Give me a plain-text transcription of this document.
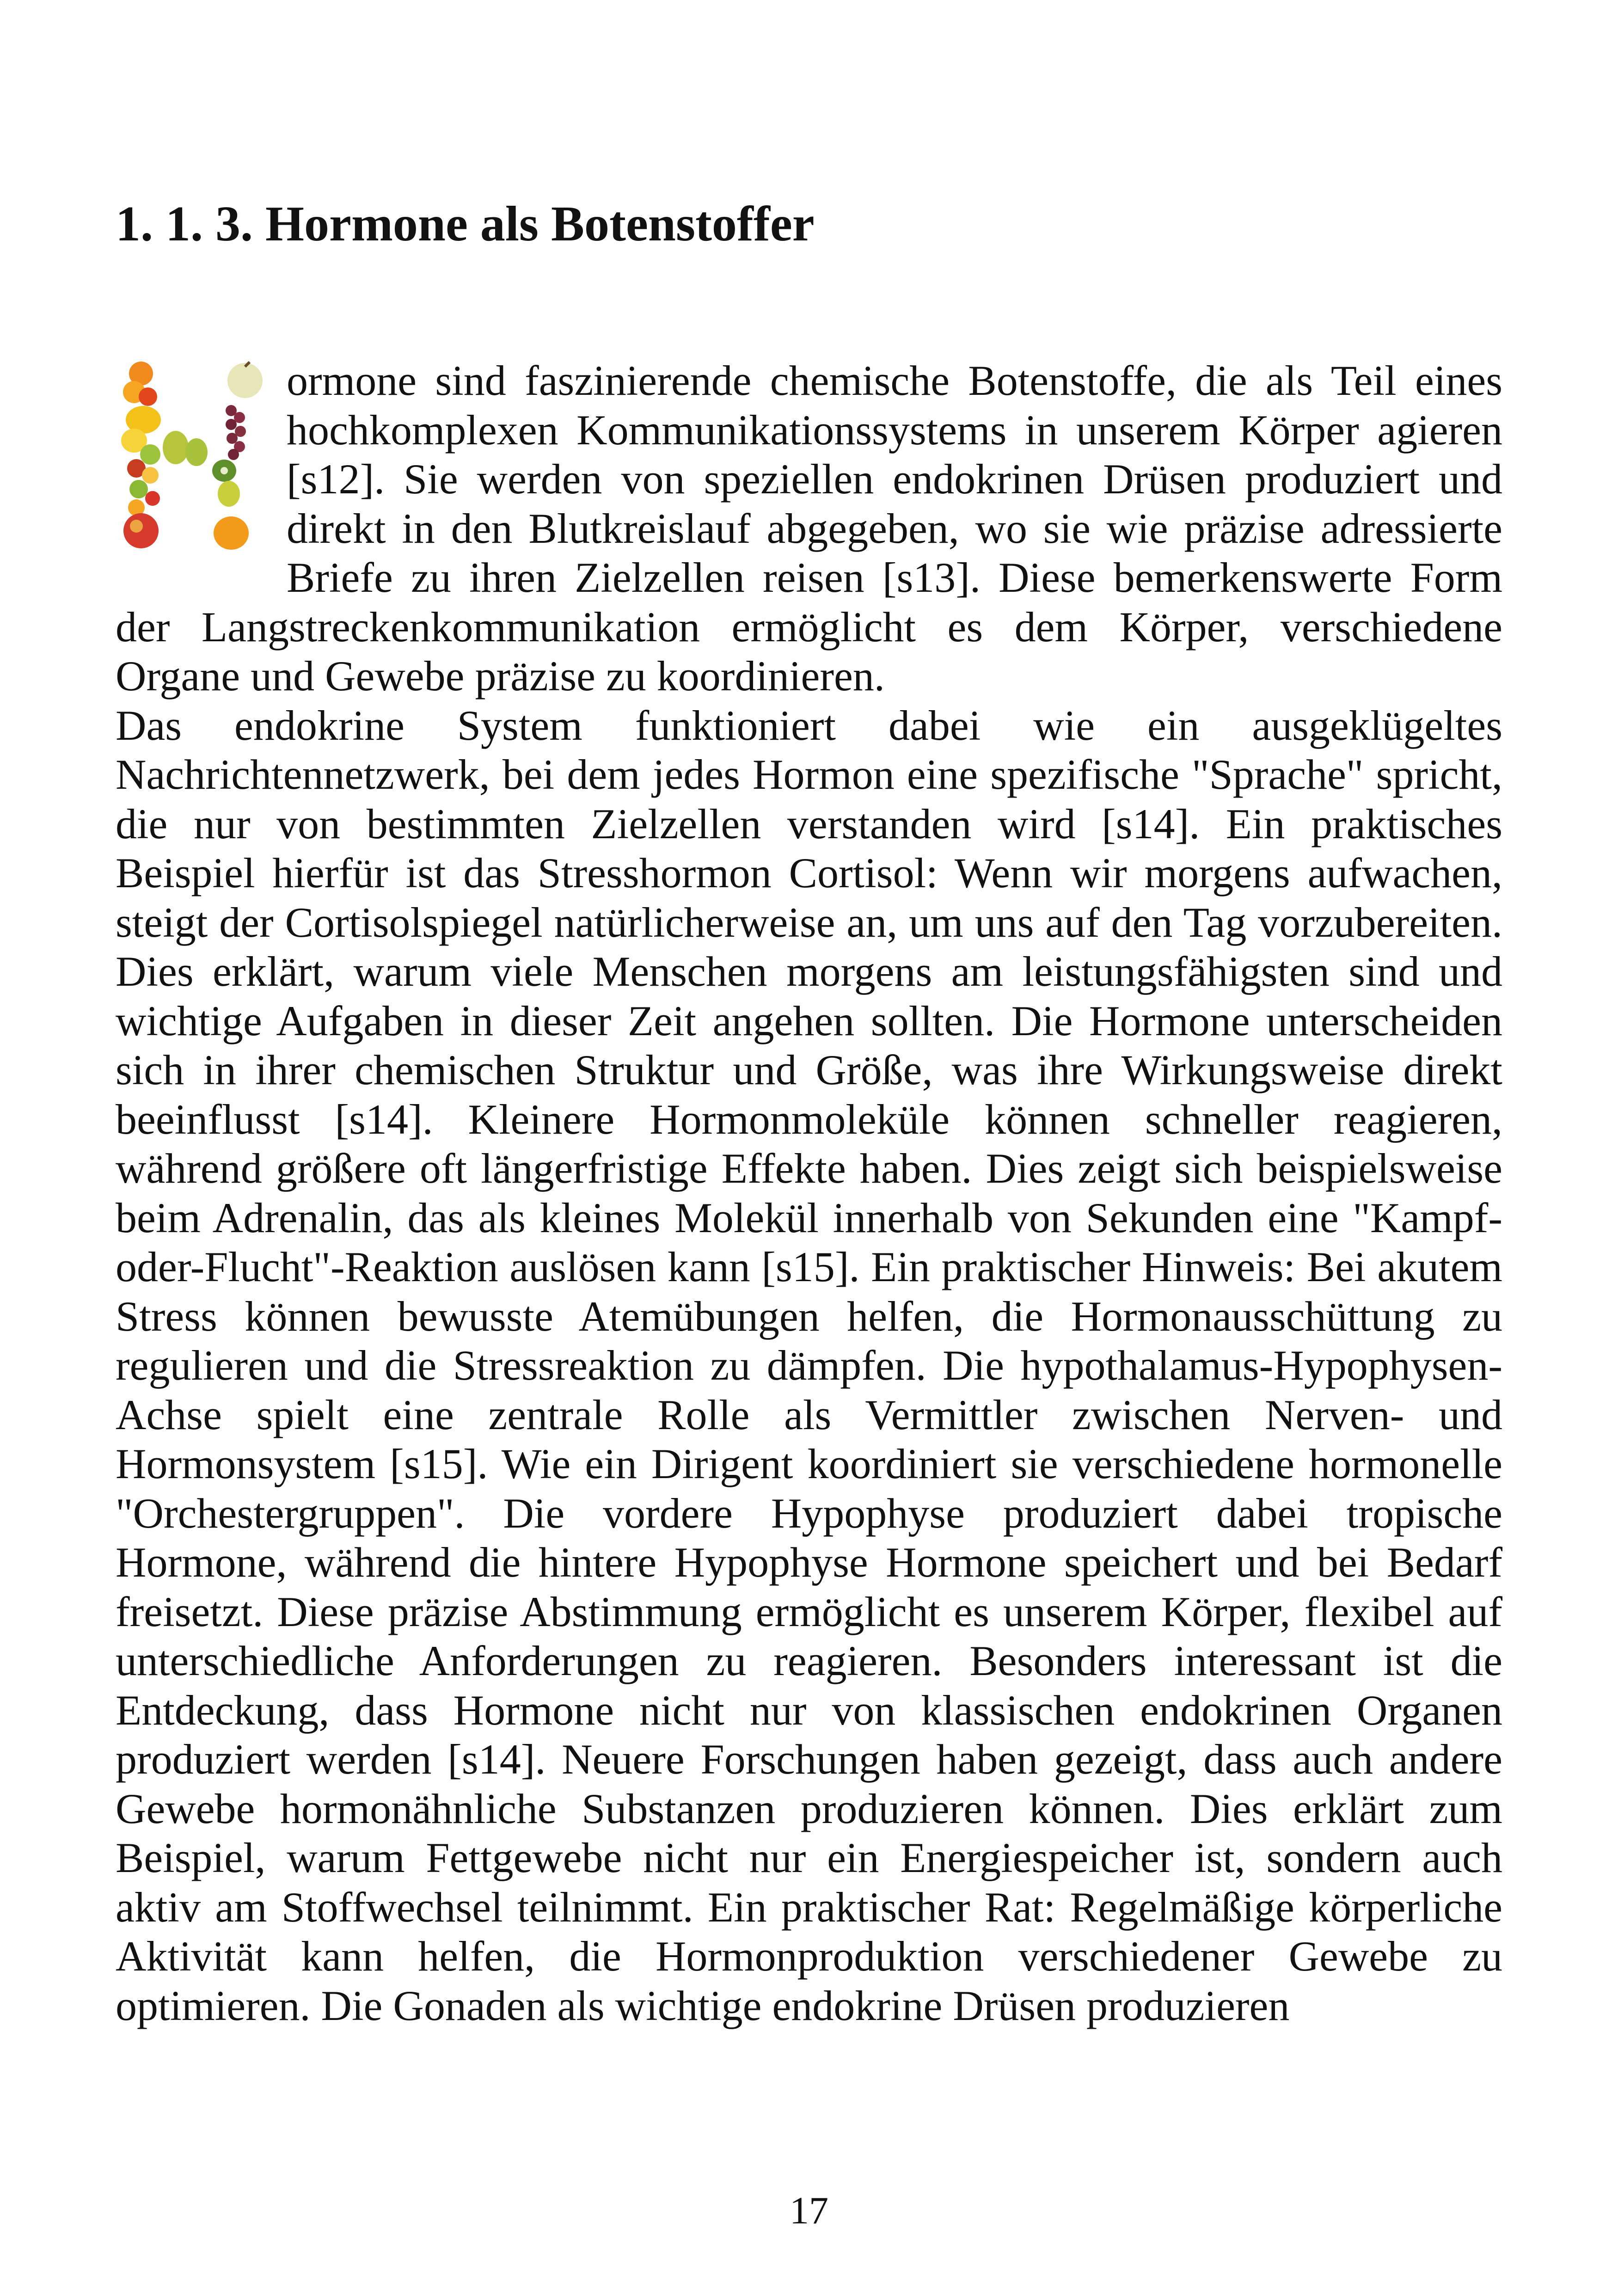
1. 1. 3. Hormone als Botenstoffer

ormone sind faszinierende chemische Botenstoffe, die als Teil eines hochkomplexen Kommunikationssystems in unserem Körper agieren [s12]. Sie werden von speziellen endokrinen Drüsen produziert und direkt in den Blutkreislauf abgegeben, wo sie wie präzise adressierte Briefe zu ihren Zielzellen reisen [s13]. Diese bemerkenswerte Form der Langstreckenkommunikation ermöglicht es dem Körper, verschiedene Organe und Gewebe präzise zu koordinieren.

Das endokrine System funktioniert dabei wie ein ausgeklügeltes Nachrichtennetzwerk, bei dem jedes Hormon eine spezifische "Sprache" spricht, die nur von bestimmten Zielzellen verstanden wird [s14]. Ein praktisches Beispiel hierfür ist das Stresshormon Cortisol: Wenn wir morgens aufwachen, steigt der Cortisolspiegel natürlicherweise an, um uns auf den Tag vorzubereiten. Dies erklärt, warum viele Menschen morgens am leistungsfähigsten sind und wichtige Aufgaben in dieser Zeit angehen sollten. Die Hormone unterscheiden sich in ihrer chemischen Struktur und Größe, was ihre Wirkungsweise direkt beeinflusst [s14]. Kleinere Hormonmoleküle können schneller reagieren, während größere oft längerfristige Effekte haben. Dies zeigt sich beispielsweise beim Adrenalin, das als kleines Molekül innerhalb von Sekunden eine "Kampf-oder-Flucht"-Reaktion auslösen kann [s15]. Ein praktischer Hinweis: Bei akutem Stress können bewusste Atemübungen helfen, die Hormonausschüttung zu regulieren und die Stressreaktion zu dämpfen. Die hypothalamus-Hypophysen-Achse spielt eine zentrale Rolle als Vermittler zwischen Nerven- und Hormonsystem [s15]. Wie ein Dirigent koordiniert sie verschiedene hormonelle "Orchestergruppen". Die vordere Hypophyse produziert dabei tropische Hormone, während die hintere Hypophyse Hormone speichert und bei Bedarf freisetzt. Diese präzise Abstimmung ermöglicht es unserem Körper, flexibel auf unterschiedliche Anforderungen zu reagieren. Besonders interessant ist die Entdeckung, dass Hormone nicht nur von klassischen endokrinen Organen produziert werden [s14]. Neuere Forschungen haben gezeigt, dass auch andere Gewebe hormonähnliche Substanzen produzieren können. Dies erklärt zum Beispiel, warum Fettgewebe nicht nur ein Energiespeicher ist, sondern auch aktiv am Stoffwechsel teilnimmt. Ein praktischer Rat: Regelmäßige körperliche Aktivität kann helfen, die Hormonproduktion verschiedener Gewebe zu optimieren. Die Gonaden als wichtige endokrine Drüsen produzieren

17
